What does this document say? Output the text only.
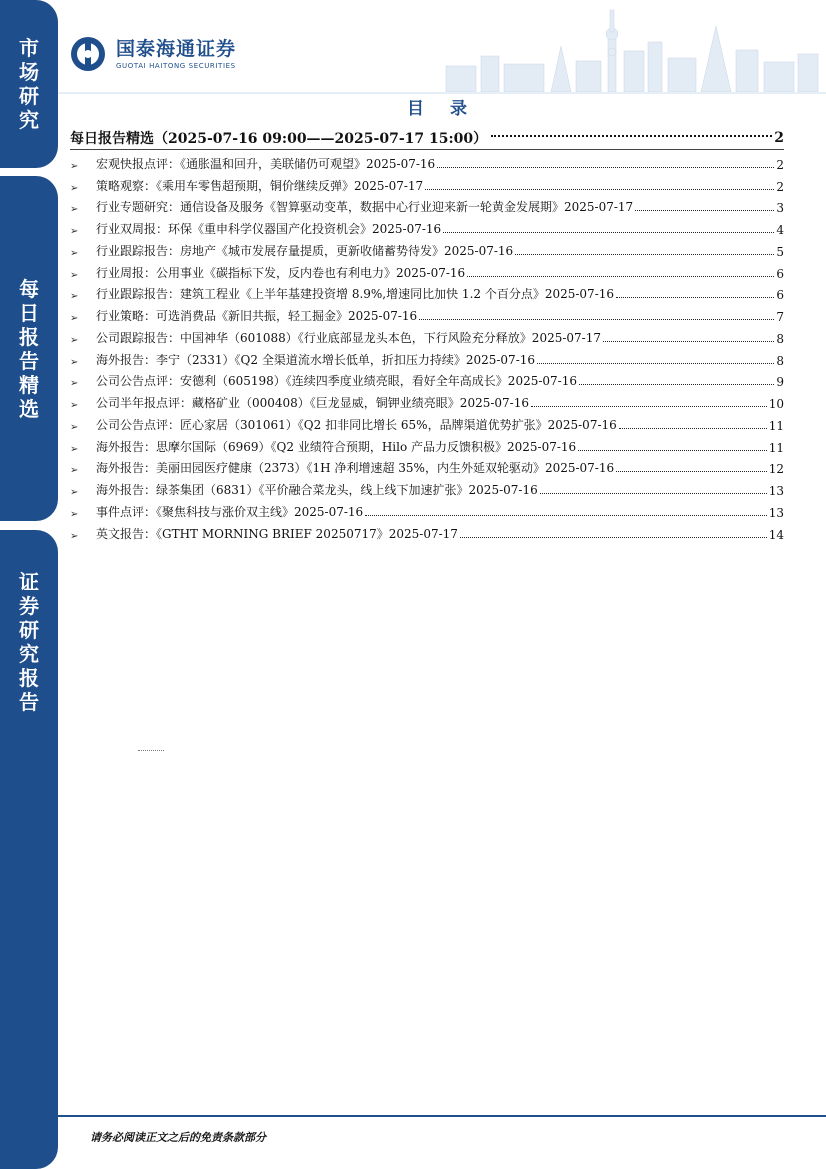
市
场
研
究
每
日
报
告
精
选
证
券
研
究
报
告
国泰海通证券
GUOTAI HAITONG SECURITIES
目 录
每日报告精选（2025-07-16 09:00——2025-07-17 15:00）	2
➢	宏观快报点评：《通胀温和回升，美联储仍可观望》2025-07-16	2
➢	策略观察：《乘用车零售超预期，铜价继续反弹》2025-07-17	2
➢	行业专题研究：通信设备及服务《智算驱动变革，数据中心行业迎来新一轮黄金发展期》2025-07-17	3
➢	行业双周报：环保《重申科学仪器国产化投资机会》2025-07-16	4
➢	行业跟踪报告：房地产《城市发展存量提质，更新收储蓄势待发》2025-07-16	5
➢	行业周报：公用事业《碳指标下发，反内卷也有利电力》2025-07-16	6
➢	行业跟踪报告：建筑工程业《上半年基建投资增 8.9%,增速同比加快 1.2 个百分点》2025-07-16	6
➢	行业策略：可选消费品《新旧共振，轻工掘金》2025-07-16	7
➢	公司跟踪报告：中国神华（601088）《行业底部显龙头本色，下行风险充分释放》2025-07-17	8
➢	海外报告：李宁（2331）《Q2 全渠道流水增长低单，折扣压力持续》2025-07-16	8
➢	公司公告点评：安德利（605198）《连续四季度业绩亮眼，看好全年高成长》2025-07-16	9
➢	公司半年报点评：藏格矿业（000408）《巨龙显威，铜钾业绩亮眼》2025-07-16	10
➢	公司公告点评：匠心家居（301061）《Q2 扣非同比增长 65%，品牌渠道优势扩张》2025-07-16	11
➢	海外报告：思摩尔国际（6969）《Q2 业绩符合预期，Hilo 产品力反馈积极》2025-07-16	11
➢	海外报告：美丽田园医疗健康（2373）《1H 净利增速超 35%，内生外延双轮驱动》2025-07-16	12
➢	海外报告：绿茶集团（6831）《平价融合菜龙头，线上线下加速扩张》2025-07-16	13
➢	事件点评：《聚焦科技与涨价双主线》2025-07-16	13
➢	英文报告：《GTHT MORNING BRIEF 20250717》2025-07-17	14
请务必阅读正文之后的免责条款部分
